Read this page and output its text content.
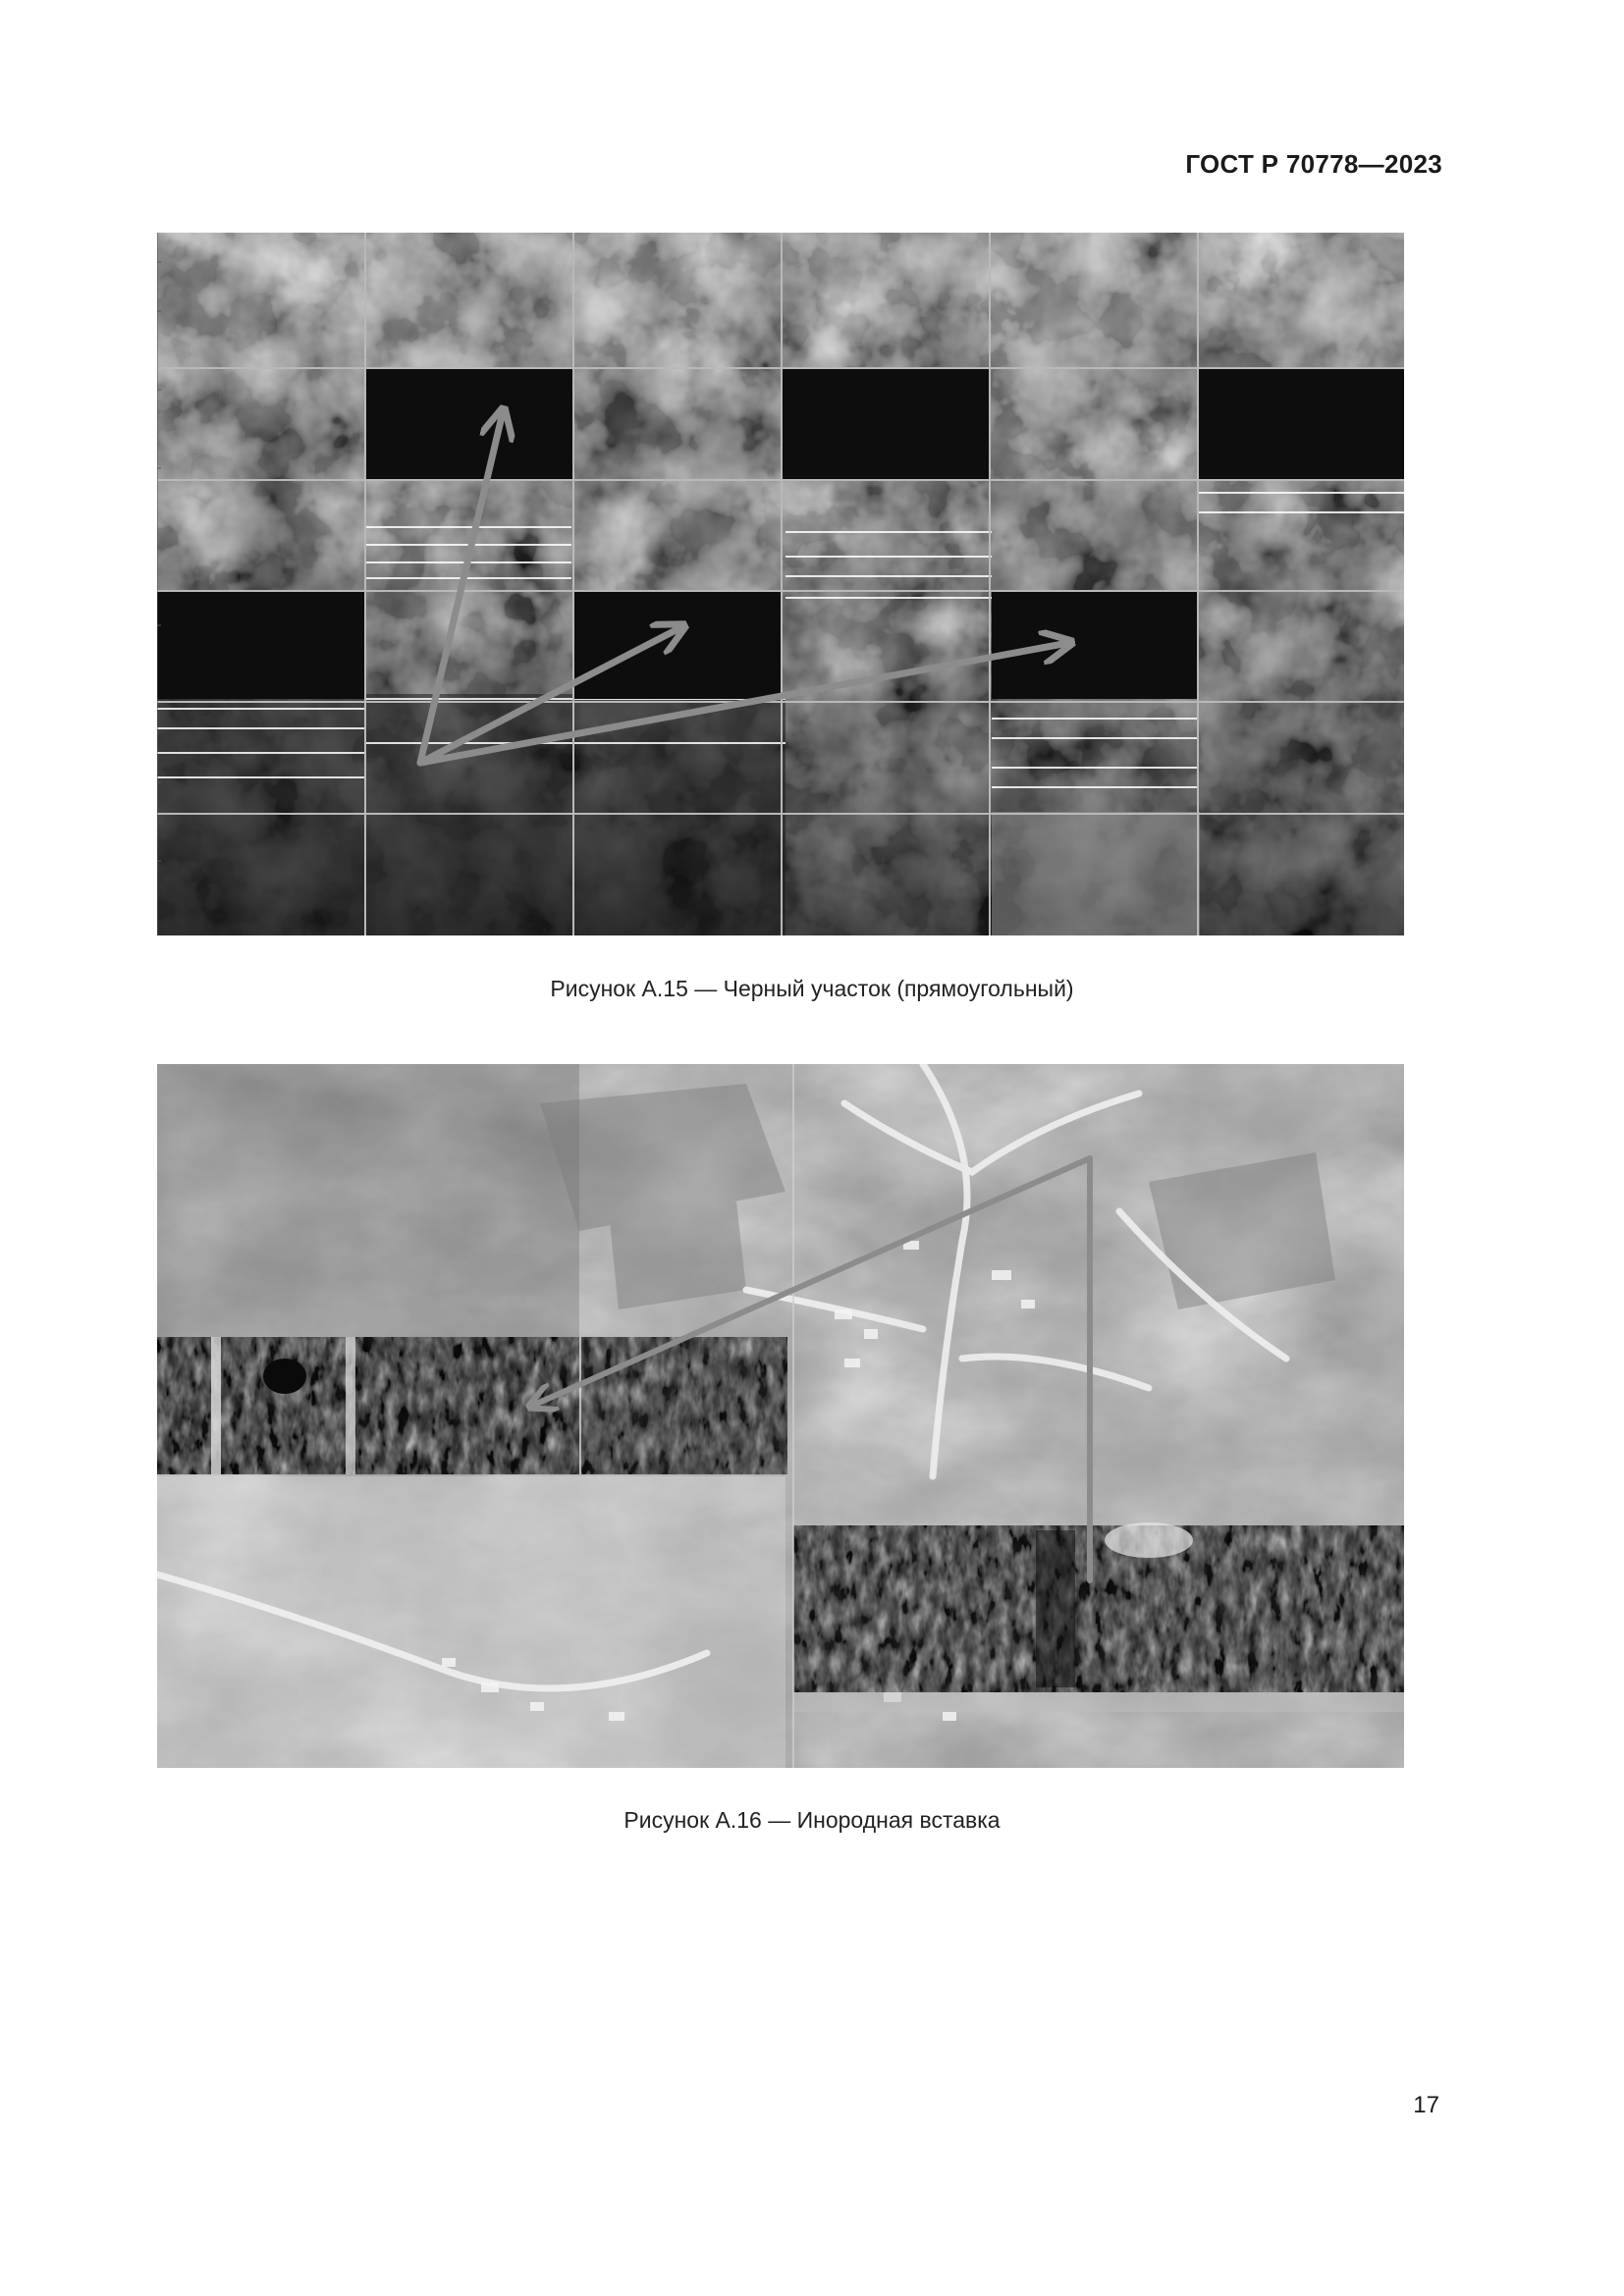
ГОСТ Р 70778—2023
Рисунок А.15 — Черный участок (прямоугольный)
Рисунок А.16 — Инородная вставка
17
